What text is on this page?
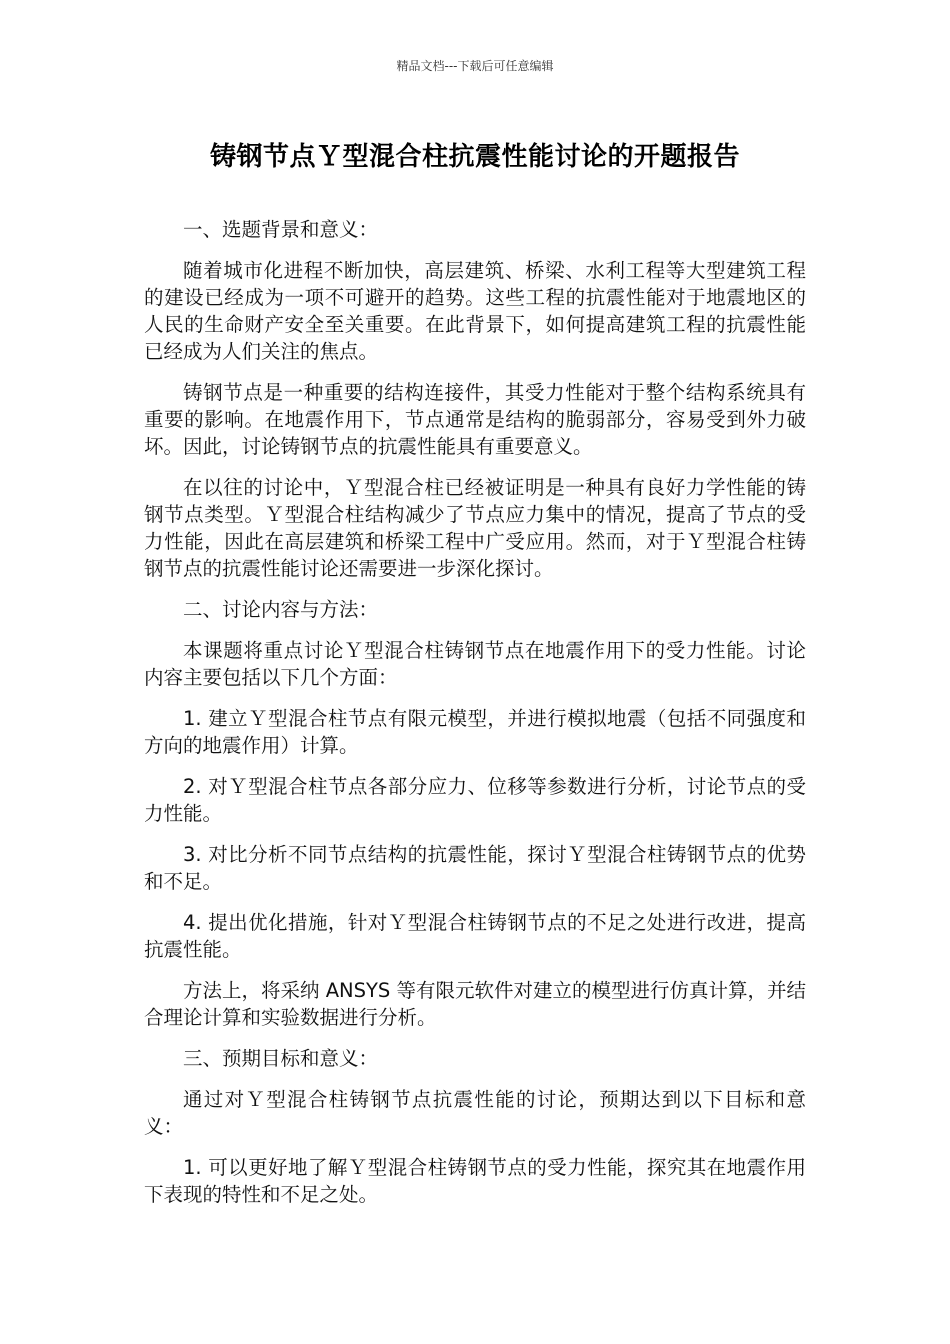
精品文档---下载后可任意编辑
铸钢节点Ｙ型混合柱抗震性能讨论的开题报告

一、选题背景和意义：

随着城市化进程不断加快，高层建筑、桥梁、水利工程等大型建筑工程的建设已经成为一项不可避开的趋势。这些工程的抗震性能对于地震地区的人民的生命财产安全至关重要。在此背景下，如何提高建筑工程的抗震性能已经成为人们关注的焦点。

铸钢节点是一种重要的结构连接件，其受力性能对于整个结构系统具有重要的影响。在地震作用下，节点通常是结构的脆弱部分，容易受到外力破坏。因此，讨论铸钢节点的抗震性能具有重要意义。

在以往的讨论中，Ｙ型混合柱已经被证明是一种具有良好力学性能的铸钢节点类型。Ｙ型混合柱结构减少了节点应力集中的情况，提高了节点的受力性能，因此在高层建筑和桥梁工程中广受应用。然而，对于Ｙ型混合柱铸钢节点的抗震性能讨论还需要进一步深化探讨。

二、讨论内容与方法：

本课题将重点讨论Ｙ型混合柱铸钢节点在地震作用下的受力性能。讨论内容主要包括以下几个方面：

1. 建立Ｙ型混合柱节点有限元模型，并进行模拟地震（包括不同强度和方向的地震作用）计算。

2. 对Ｙ型混合柱节点各部分应力、位移等参数进行分析，讨论节点的受力性能。

3. 对比分析不同节点结构的抗震性能，探讨Ｙ型混合柱铸钢节点的优势和不足。

4. 提出优化措施，针对Ｙ型混合柱铸钢节点的不足之处进行改进，提高抗震性能。

方法上，将采纳 ANSYS 等有限元软件对建立的模型进行仿真计算，并结合理论计算和实验数据进行分析。

三、预期目标和意义：

通过对Ｙ型混合柱铸钢节点抗震性能的讨论，预期达到以下目标和意义：

1. 可以更好地了解Ｙ型混合柱铸钢节点的受力性能，探究其在地震作用下表现的特性和不足之处。
